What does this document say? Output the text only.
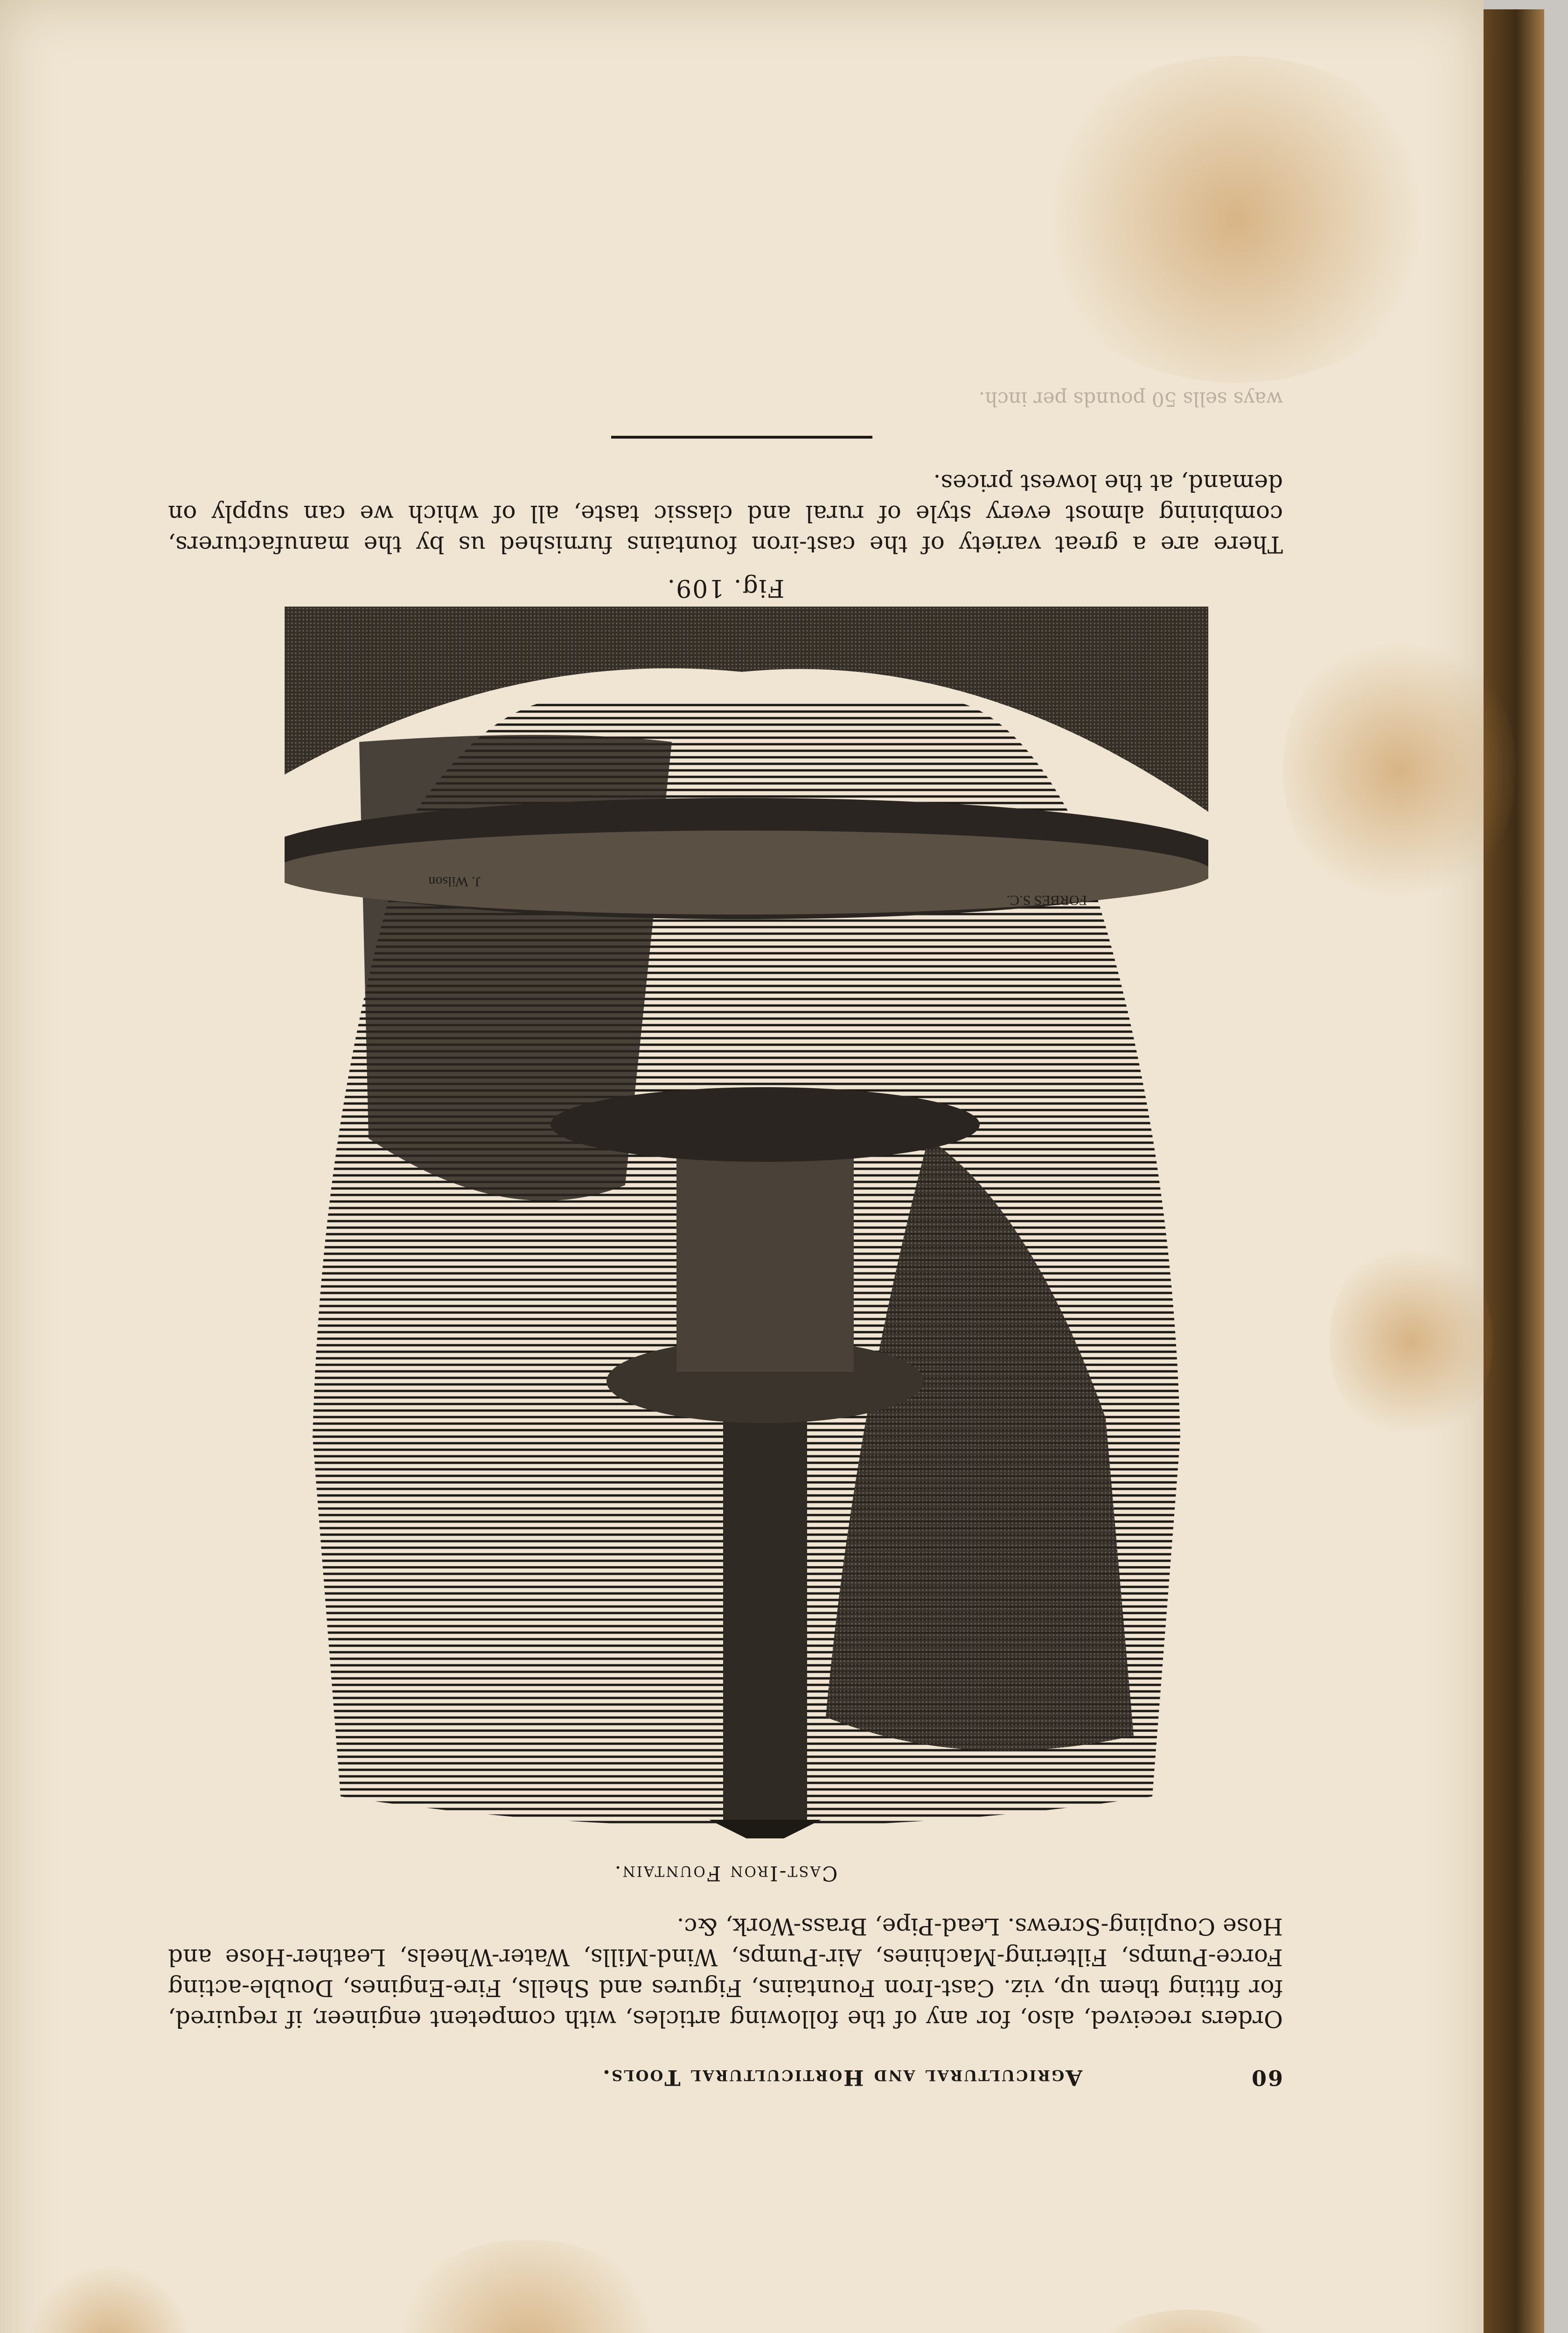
60
Agricultural and Horticultural Tools.

Orders received, also, for any of the following articles, with competent engineer, if required, for fitting them up, viz. Cast-Iron Fountains, Figures and Shells, Fire-Engines, Double-acting Force-Pumps, Filtering-Machines, Air-Pumps, Wind-Mills, Water-Wheels, Leather-Hose and Hose Coupling-Screws. Lead-Pipe, Brass-Work, &c.

Cast-Iron Fountain.
FORBES S.C.
J. Wilson
Fig. 109.

There are a great variety of the cast-iron fountains furnished us by the manufacturers, combining almost every style of rural and classic taste, all of which we can supply on demand, at the lowest prices.

ways sells 50 pounds per inch.
